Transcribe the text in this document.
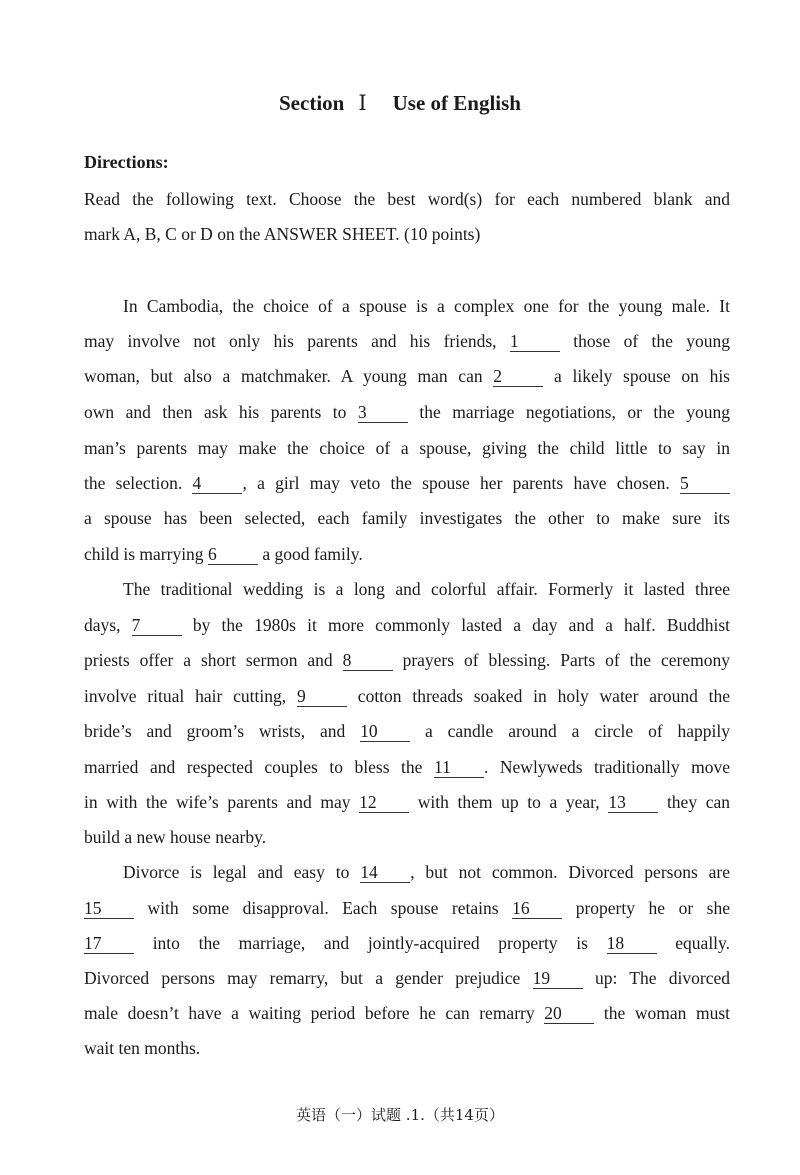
Section Ⅰ Use of English
Directions:
Read the following text. Choose the best word(s) for each numbered blank and
mark A, B, C or D on the ANSWER SHEET. (10 points)
In Cambodia, the choice of a spouse is a complex one for the young male. It
may involve not only his parents and his friends, 1	those of the young
woman, but also a matchmaker. A young man can 2	a likely spouse on his
own and then ask his parents to 3	the marriage negotiations, or the young
man’s parents may make the choice of a spouse, giving the child little to say in
the selection. 4 , a girl may veto the spouse her parents have chosen. 5
a spouse has been selected, each family investigates the other to make sure its
child is marrying 6	a good family.
The traditional wedding is a long and colorful affair. Formerly it lasted three
days, 7	by the 1980s it more commonly lasted a day and a half. Buddhist
priests offer a short sermon and 8	prayers of blessing. Parts of the ceremony
involve ritual hair cutting, 9	cotton threads soaked in holy water around the
bride’s and groom’s wrists, and 10	a candle around a circle of happily
married and respected couples to bless the 11 . Newlyweds traditionally move
in with the wife’s parents and may 12 with them up to a year, 13 they can
build a new house nearby.
Divorce is legal and easy to 14 , but not common. Divorced persons are
15	with some disapproval. Each spouse retains 16	property he or she
17	into the marriage, and jointly-acquired property is 18	equally.
Divorced persons may remarry, but a gender prejudice 19	up: The divorced
male doesn’t have a waiting period before he can remarry 20 the woman must
wait ten months.
英语（一）试题 .1.（共14页）
